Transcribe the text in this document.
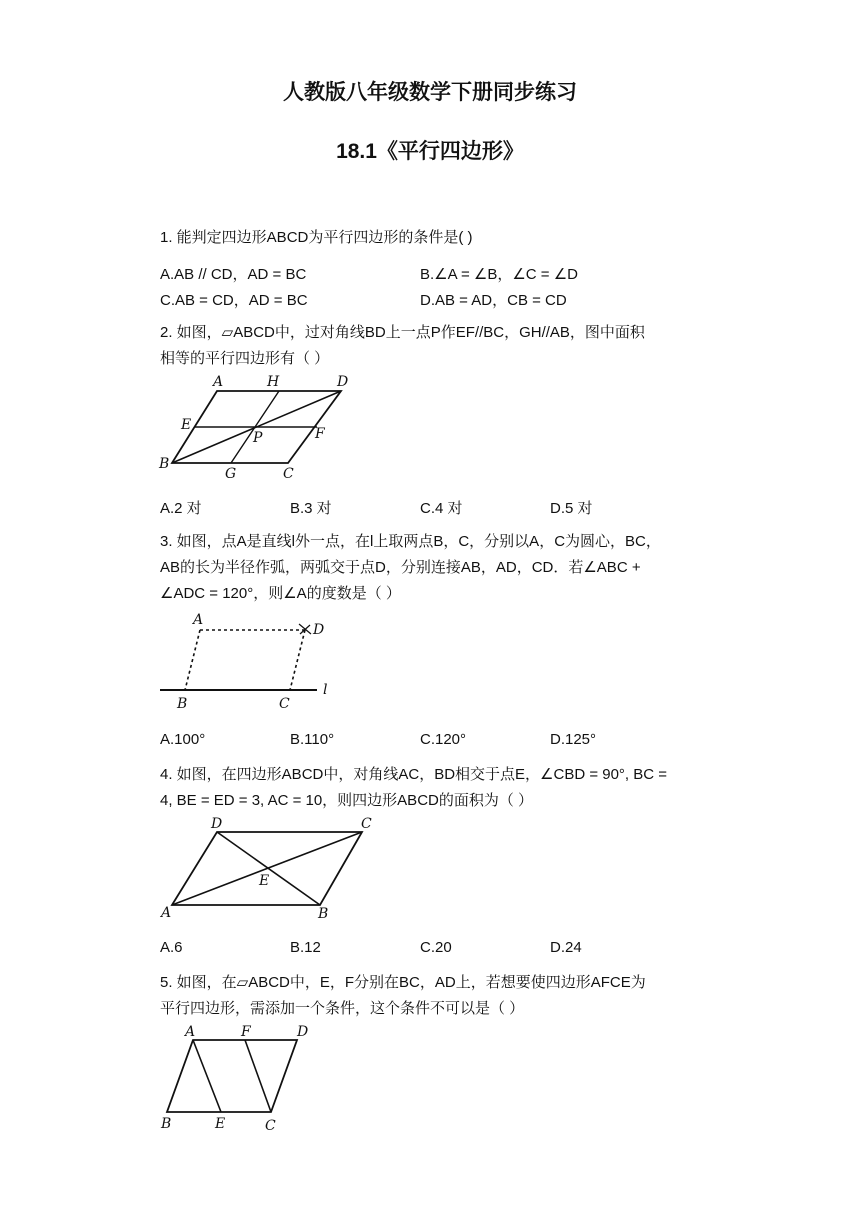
人教版八年级数学下册同步练习
18.1《平行四边形》
1. 能判定四边形ABCD为平行四边形的条件是( )
A.AB // CD，AD = BC	B.∠A = ∠B，∠C = ∠D
C.AB = CD，AD = BC	D.AB = AD，CB = CD
2. 如图，▱ABCD中，过对角线BD上一点P作EF//BC，GH//AB，图中面积
相等的平行四边形有（ ）
A	H	D
E
P	F
B
G	C
A.2 对	B.3 对	C.4 对	D.5 对
3. 如图，点A是直线l外一点，在l上取两点B，C，分别以A，C为圆心，BC，
AB的长为半径作弧，两弧交于点D，分别连接AB，AD，CD．若∠ABC +
∠ADC = 120°，则∠A的度数是（ ）
A
D
B	C
l
A.100°	B.110°	C.120°	D.125°
4. 如图，在四边形ABCD中，对角线AC，BD相交于点E，∠CBD = 90°, BC =
4, BE = ED = 3, AC = 10，则四边形ABCD的面积为（ ）
D	C
E
A	B
A.6	B.12	C.20	D.24
5. 如图，在▱ABCD中，E，F分别在BC，AD上，若想要使四边形AFCE为
平行四边形，需添加一个条件，这个条件不可以是（ ）
A	F	D
B	E	C
